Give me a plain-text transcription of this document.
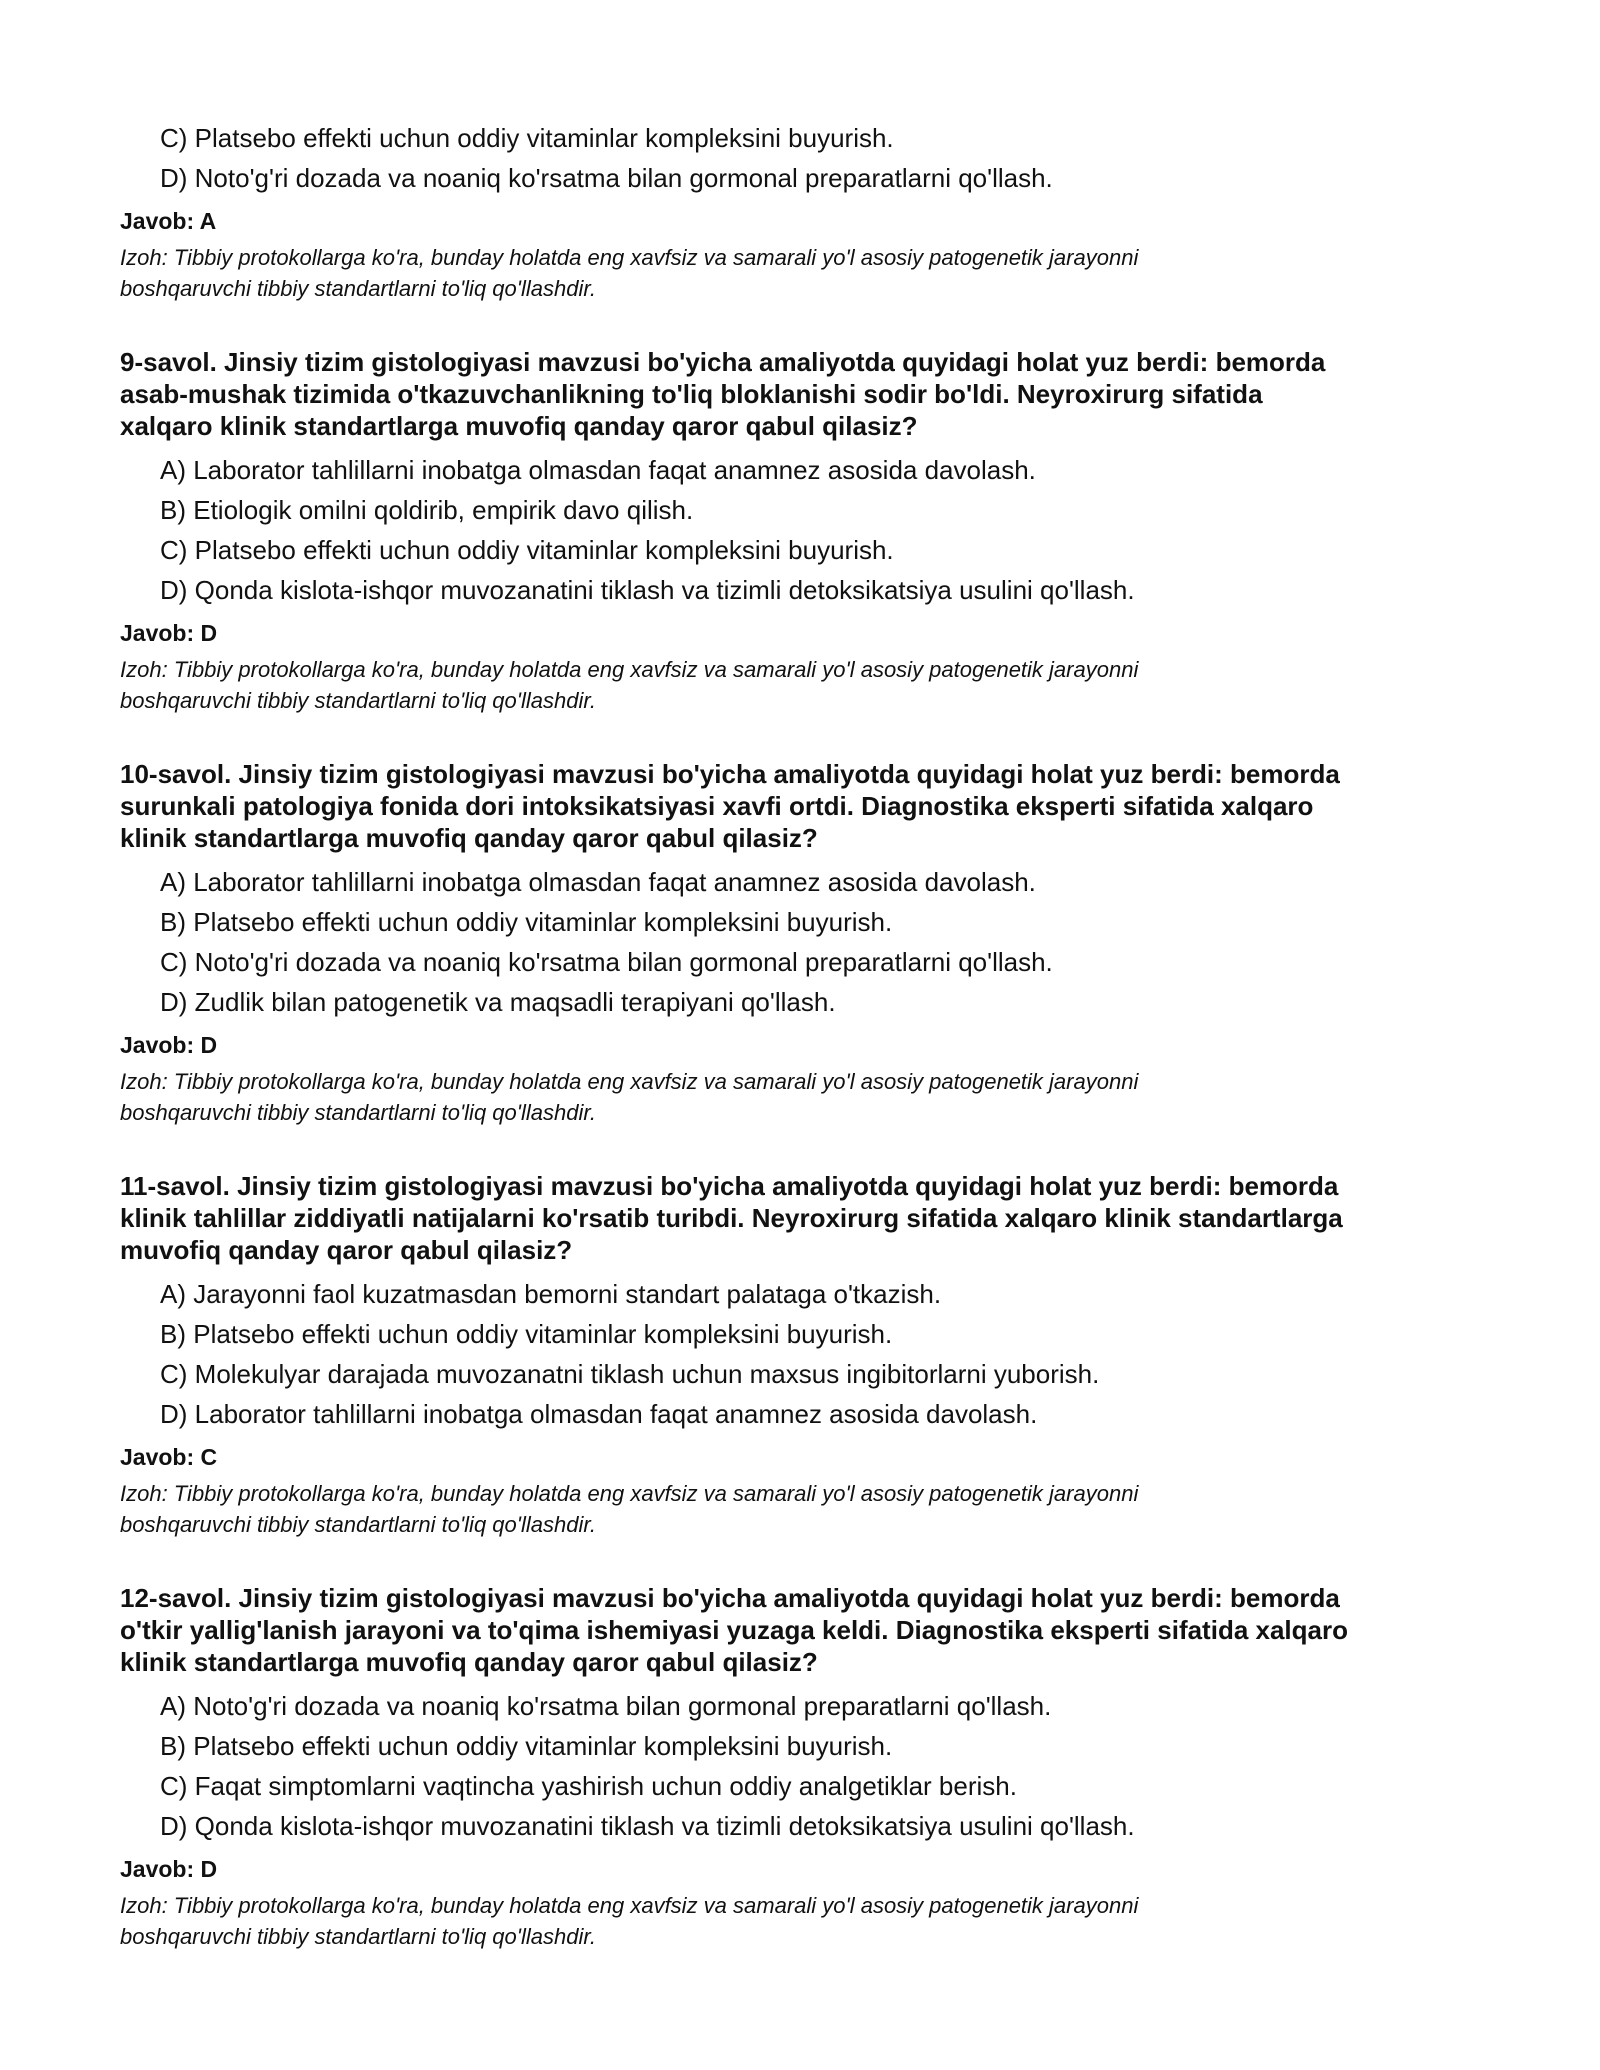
C) Platsebo effekti uchun oddiy vitaminlar kompleksini buyurish.
D) Noto'g'ri dozada va noaniq ko'rsatma bilan gormonal preparatlarni qo'llash.
Javob: A
Izoh: Tibbiy protokollarga ko'ra, bunday holatda eng xavfsiz va samarali yo'l asosiy patogenetik jarayonni
boshqaruvchi tibbiy standartlarni to'liq qo'llashdir.
9-savol. Jinsiy tizim gistologiyasi mavzusi bo'yicha amaliyotda quyidagi holat yuz berdi: bemorda
asab-mushak tizimida o'tkazuvchanlikning to'liq bloklanishi sodir bo'ldi. Neyroxirurg sifatida
xalqaro klinik standartlarga muvofiq qanday qaror qabul qilasiz?
A) Laborator tahlillarni inobatga olmasdan faqat anamnez asosida davolash.
B) Etiologik omilni qoldirib, empirik davo qilish.
C) Platsebo effekti uchun oddiy vitaminlar kompleksini buyurish.
D) Qonda kislota-ishqor muvozanatini tiklash va tizimli detoksikatsiya usulini qo'llash.
Javob: D
Izoh: Tibbiy protokollarga ko'ra, bunday holatda eng xavfsiz va samarali yo'l asosiy patogenetik jarayonni
boshqaruvchi tibbiy standartlarni to'liq qo'llashdir.
10-savol. Jinsiy tizim gistologiyasi mavzusi bo'yicha amaliyotda quyidagi holat yuz berdi: bemorda
surunkali patologiya fonida dori intoksikatsiyasi xavfi ortdi. Diagnostika eksperti sifatida xalqaro
klinik standartlarga muvofiq qanday qaror qabul qilasiz?
A) Laborator tahlillarni inobatga olmasdan faqat anamnez asosida davolash.
B) Platsebo effekti uchun oddiy vitaminlar kompleksini buyurish.
C) Noto'g'ri dozada va noaniq ko'rsatma bilan gormonal preparatlarni qo'llash.
D) Zudlik bilan patogenetik va maqsadli terapiyani qo'llash.
Javob: D
Izoh: Tibbiy protokollarga ko'ra, bunday holatda eng xavfsiz va samarali yo'l asosiy patogenetik jarayonni
boshqaruvchi tibbiy standartlarni to'liq qo'llashdir.
11-savol. Jinsiy tizim gistologiyasi mavzusi bo'yicha amaliyotda quyidagi holat yuz berdi: bemorda
klinik tahlillar ziddiyatli natijalarni ko'rsatib turibdi. Neyroxirurg sifatida xalqaro klinik standartlarga
muvofiq qanday qaror qabul qilasiz?
A) Jarayonni faol kuzatmasdan bemorni standart palataga o'tkazish.
B) Platsebo effekti uchun oddiy vitaminlar kompleksini buyurish.
C) Molekulyar darajada muvozanatni tiklash uchun maxsus ingibitorlarni yuborish.
D) Laborator tahlillarni inobatga olmasdan faqat anamnez asosida davolash.
Javob: C
Izoh: Tibbiy protokollarga ko'ra, bunday holatda eng xavfsiz va samarali yo'l asosiy patogenetik jarayonni
boshqaruvchi tibbiy standartlarni to'liq qo'llashdir.
12-savol. Jinsiy tizim gistologiyasi mavzusi bo'yicha amaliyotda quyidagi holat yuz berdi: bemorda
o'tkir yallig'lanish jarayoni va to'qima ishemiyasi yuzaga keldi. Diagnostika eksperti sifatida xalqaro
klinik standartlarga muvofiq qanday qaror qabul qilasiz?
A) Noto'g'ri dozada va noaniq ko'rsatma bilan gormonal preparatlarni qo'llash.
B) Platsebo effekti uchun oddiy vitaminlar kompleksini buyurish.
C) Faqat simptomlarni vaqtincha yashirish uchun oddiy analgetiklar berish.
D) Qonda kislota-ishqor muvozanatini tiklash va tizimli detoksikatsiya usulini qo'llash.
Javob: D
Izoh: Tibbiy protokollarga ko'ra, bunday holatda eng xavfsiz va samarali yo'l asosiy patogenetik jarayonni
boshqaruvchi tibbiy standartlarni to'liq qo'llashdir.
